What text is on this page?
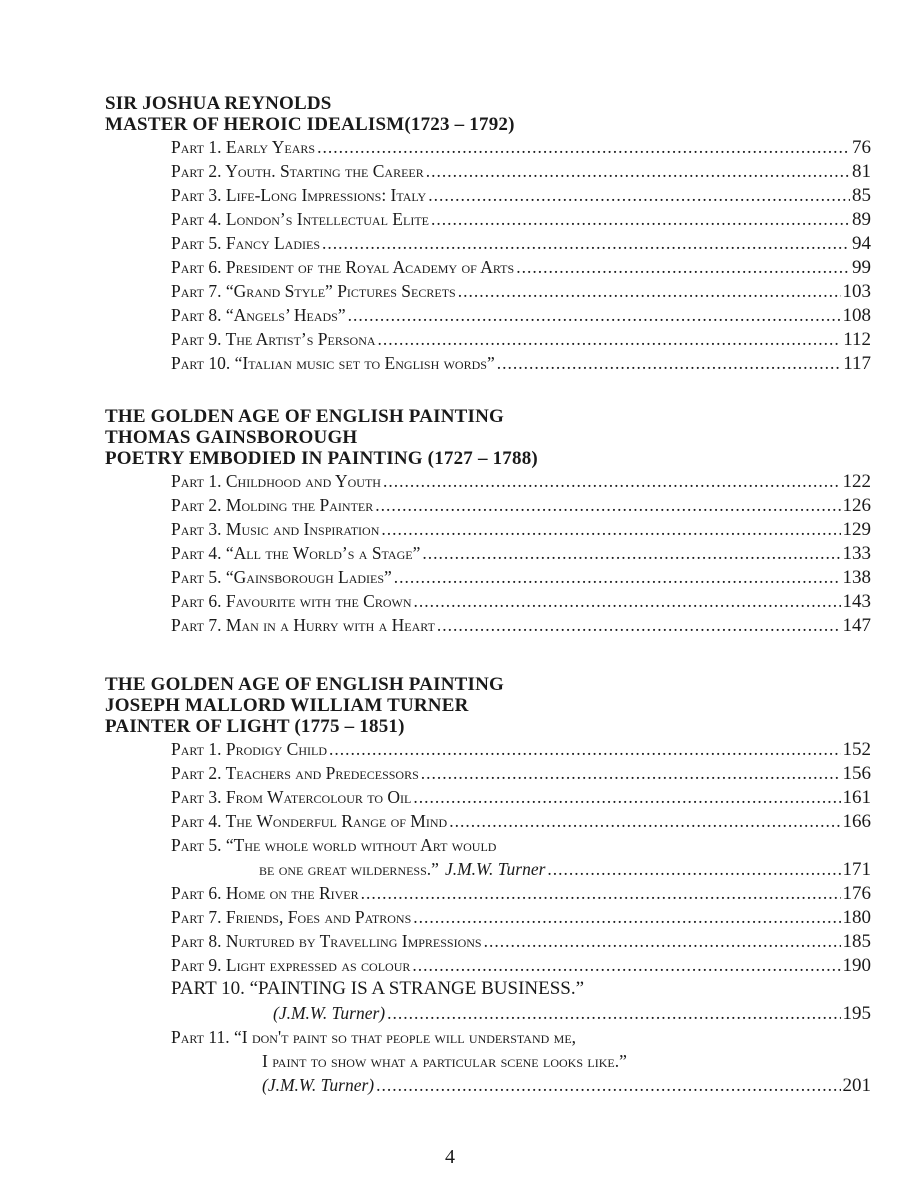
SIR JOSHUA REYNOLDS
MASTER OF HEROIC IDEALISM(1723 – 1792)
Part 1. Early Years .....	76
Part 2. Youth. Starting the Career .....	81
Part 3. Life-Long Impressions: Italy .....	85
Part 4. London’s Intellectual Elite .....	89
Part 5. Fancy Ladies .....	94
Part 6. President of the Royal Academy of Arts .....	99
Part 7. “Grand Style” Pictures Secrets .....	103
Part 8. “Angels’ Heads” .....	108
Part 9. The Artist’s Persona .....	112
Part 10. “Italian music set to English words” .....	117
THE GOLDEN AGE OF ENGLISH PAINTING
THOMAS GAINSBOROUGH
POETRY EMBODIED IN PAINTING (1727 – 1788)
Part 1. Childhood and Youth .....	122
Part 2. Molding the Painter .....	126
Part 3. Music and Inspiration .....	129
Part 4. “All the World’s a Stage” .....	133
Part 5. “Gainsborough Ladies” .....	138
Part 6. Favourite with the Crown .....	143
Part 7. Man in a Hurry with a Heart .....	147
THE GOLDEN AGE OF ENGLISH PAINTING
JOSEPH MALLORD WILLIAM TURNER
PAINTER OF LIGHT (1775 – 1851)
Part 1. Prodigy Child .....	152
Part 2. Teachers and Predecessors .....	156
Part 3. From Watercolour to Oil .....	161
Part 4. The Wonderful Range of Mind .....	166
Part 5. “The whole world without Art would
be one great wilderness.” J.M.W. Turner .....	171
Part 6. Home on the River .....	176
Part 7. Friends, Foes and Patrons .....	180
Part 8. Nurtured by Travelling Impressions .....	185
Part 9. Light expressed as colour .....	190
PART 10. “PAINTING IS A STRANGE BUSINESS.”
(J.M.W. Turner) .....	195
Part 11. “I don't paint so that people will understand me,
I paint to show what a particular scene looks like.”
(J.M.W. Turner) .....	201
4
